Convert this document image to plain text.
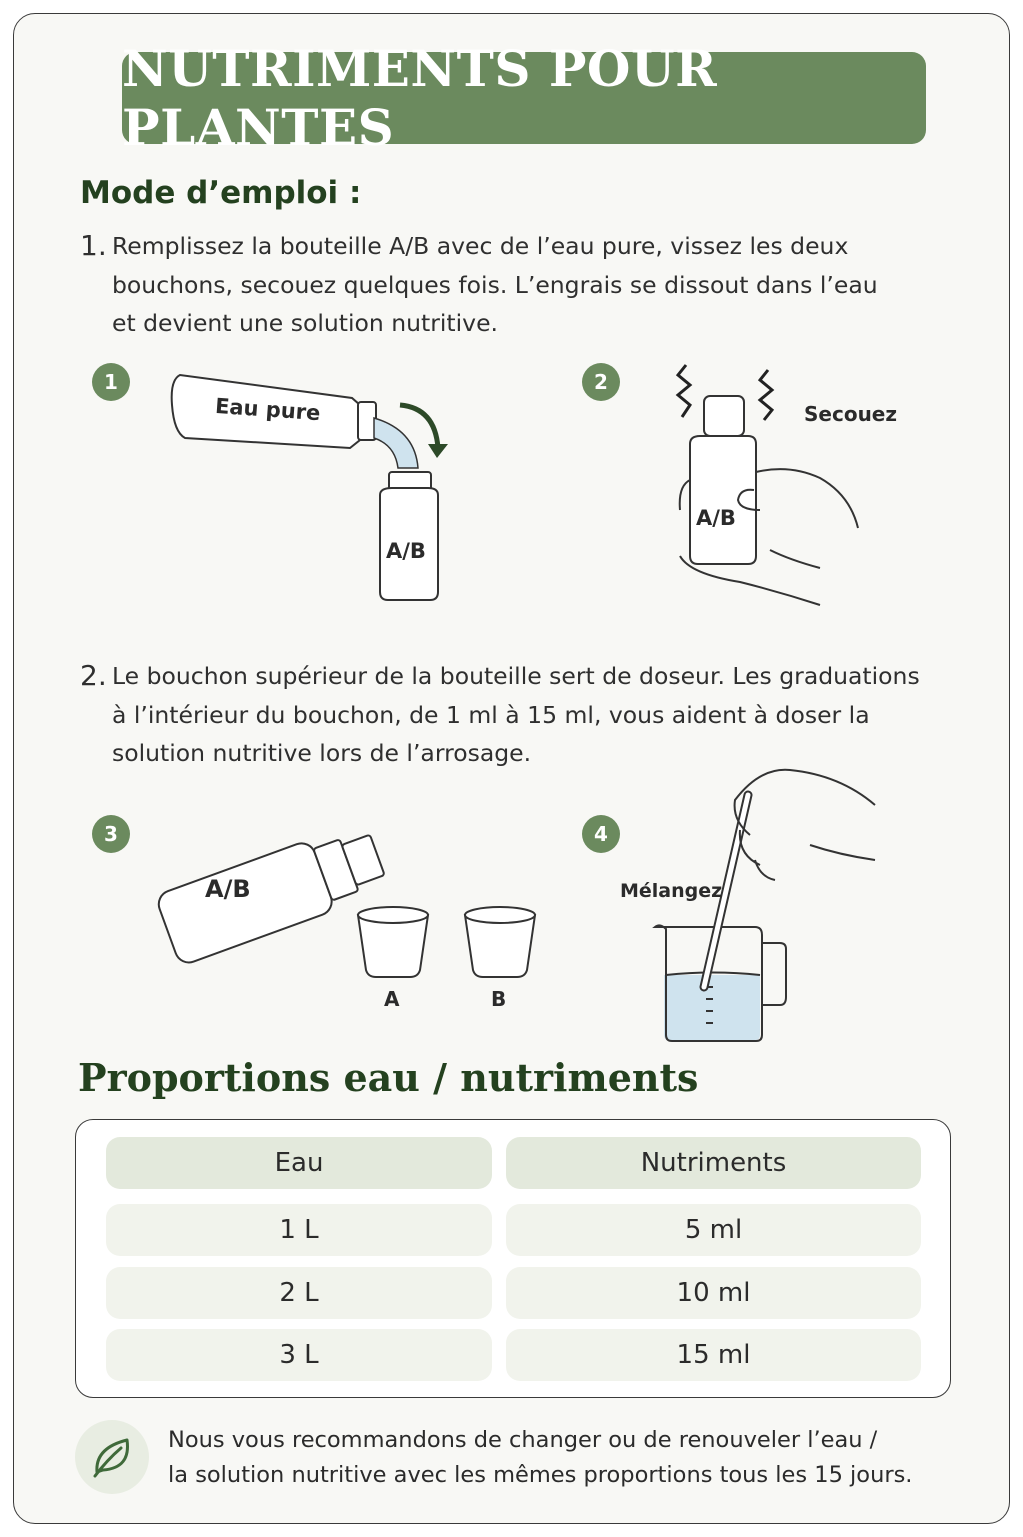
NUTRIMENTS POUR PLANTES
Mode d’emploi :
1. Remplissez la bouteille A/B avec de l’eau pure, vissez les deux

bouchons, secouez quelques fois. L’engrais se dissout dans l’eau

et devient une solution nutritive.

1
Eau pure
A/B
2
Secouez
A/B
2. Le bouchon supérieur de la bouteille sert de doseur. Les graduations

à l’intérieur du bouchon, de 1 ml à 15 ml, vous aident à doser la

solution nutritive lors de l’arrosage.

3
A/B
A	B
4
Mélangez
Proportions eau / nutriments
Eau	Nutriments
1 L	5 ml
2 L	10 ml
3 L	15 ml

Nous vous recommandons de changer ou de renouveler l’eau /

la solution nutritive avec les mêmes proportions tous les 15 jours.
